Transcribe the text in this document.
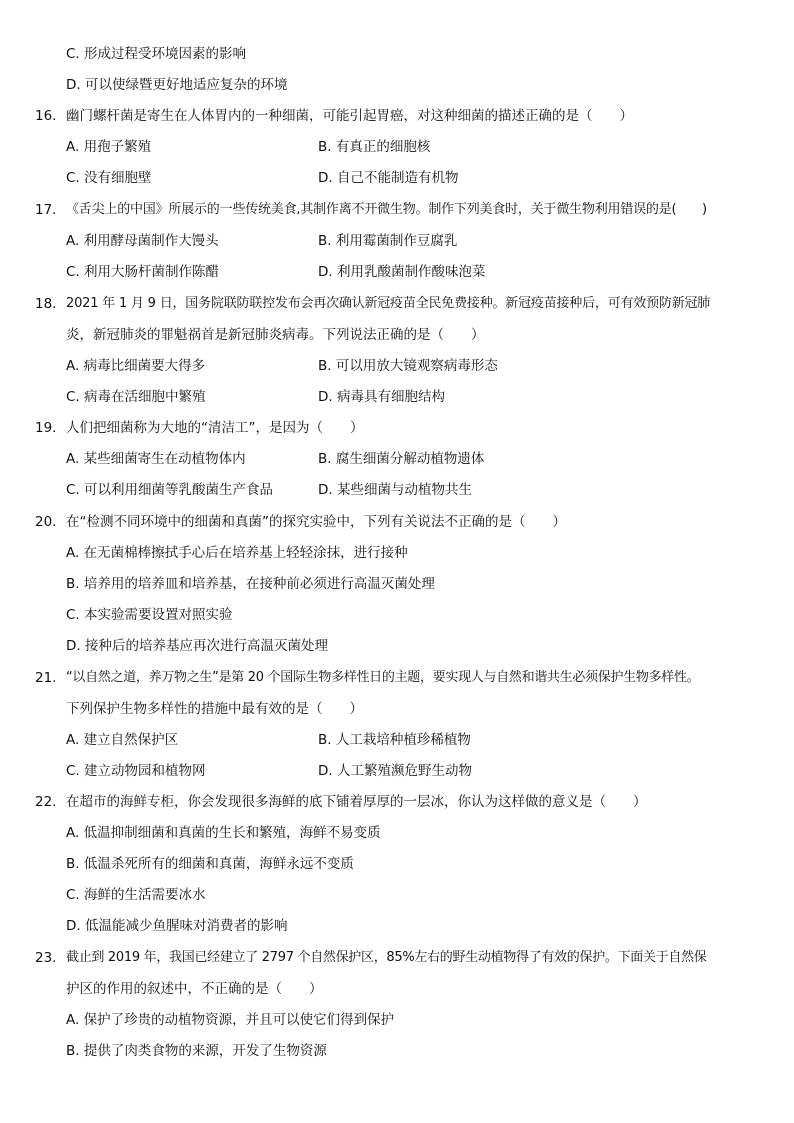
C. 形成过程受环境因素的影响
D. 可以使绿暨更好地适应复杂的环境
16. 幽门螺杆菌是寄生在人体胃内的一种细菌，可能引起胃癌，对这种细菌的描述正确的是（　　）
A. 用孢子繁殖	B. 有真正的细胞核
C. 没有细胞壁	D. 自己不能制造有机物
17. 《舌尖上的中国》所展示的一些传统美食,其制作离不开微生物。制作下列美食时，关于微生物利用错误的是(　　)
A. 利用酵母菌制作大馒头	B. 利用霉菌制作豆腐乳
C. 利用大肠杆菌制作陈醋	D. 利用乳酸菌制作酸味泡菜
18. 2021 年 1 月 9 日，国务院联防联控发布会再次确认新冠疫苗全民免费接种。新冠疫苗接种后，可有效预防新冠肺
炎，新冠肺炎的罪魁祸首是新冠肺炎病毒。下列说法正确的是（　　）
A. 病毒比细菌要大得多	B. 可以用放大镜观察病毒形态
C. 病毒在活细胞中繁殖	D. 病毒具有细胞结构
19. 人们把细菌称为大地的“清洁工”，是因为（　　）
A. 某些细菌寄生在动植物体内	B. 腐生细菌分解动植物遗体
C. 可以利用细菌等乳酸菌生产食品	D. 某些细菌与动植物共生
20. 在“检测不同环境中的细菌和真菌”的探究实验中，下列有关说法不正确的是（　　）
A. 在无菌棉棒擦拭手心后在培养基上轻轻涂抹，进行接种
B. 培养用的培养皿和培养基，在接种前必须进行高温灭菌处理
C. 本实验需要设置对照实验
D. 接种后的培养基应再次进行高温灭菌处理
21. “以自然之道，养万物之生”是第 20 个国际生物多样性日的主题，要实现人与自然和谐共生必须保护生物多样性。
下列保护生物多样性的措施中最有效的是（　　）
A. 建立自然保护区	B. 人工栽培种植珍稀植物
C. 建立动物园和植物网	D. 人工繁殖濒危野生动物
22. 在超市的海鲜专柜，你会发现很多海鲜的底下铺着厚厚的一层冰，你认为这样做的意义是（　　）
A. 低温抑制细菌和真菌的生长和繁殖，海鲜不易变质
B. 低温杀死所有的细菌和真菌，海鲜永远不变质
C. 海鲜的生活需要冰水
D. 低温能减少鱼腥味对消费者的影响
23. 截止到 2019 年，我国已经建立了 2797 个自然保护区，85%左右的野生动植物得了有效的保护。下面关于自然保
护区的作用的叙述中，不正确的是（　　）
A. 保护了珍贵的动植物资源，并且可以使它们得到保护
B. 提供了肉类食物的来源，开发了生物资源
